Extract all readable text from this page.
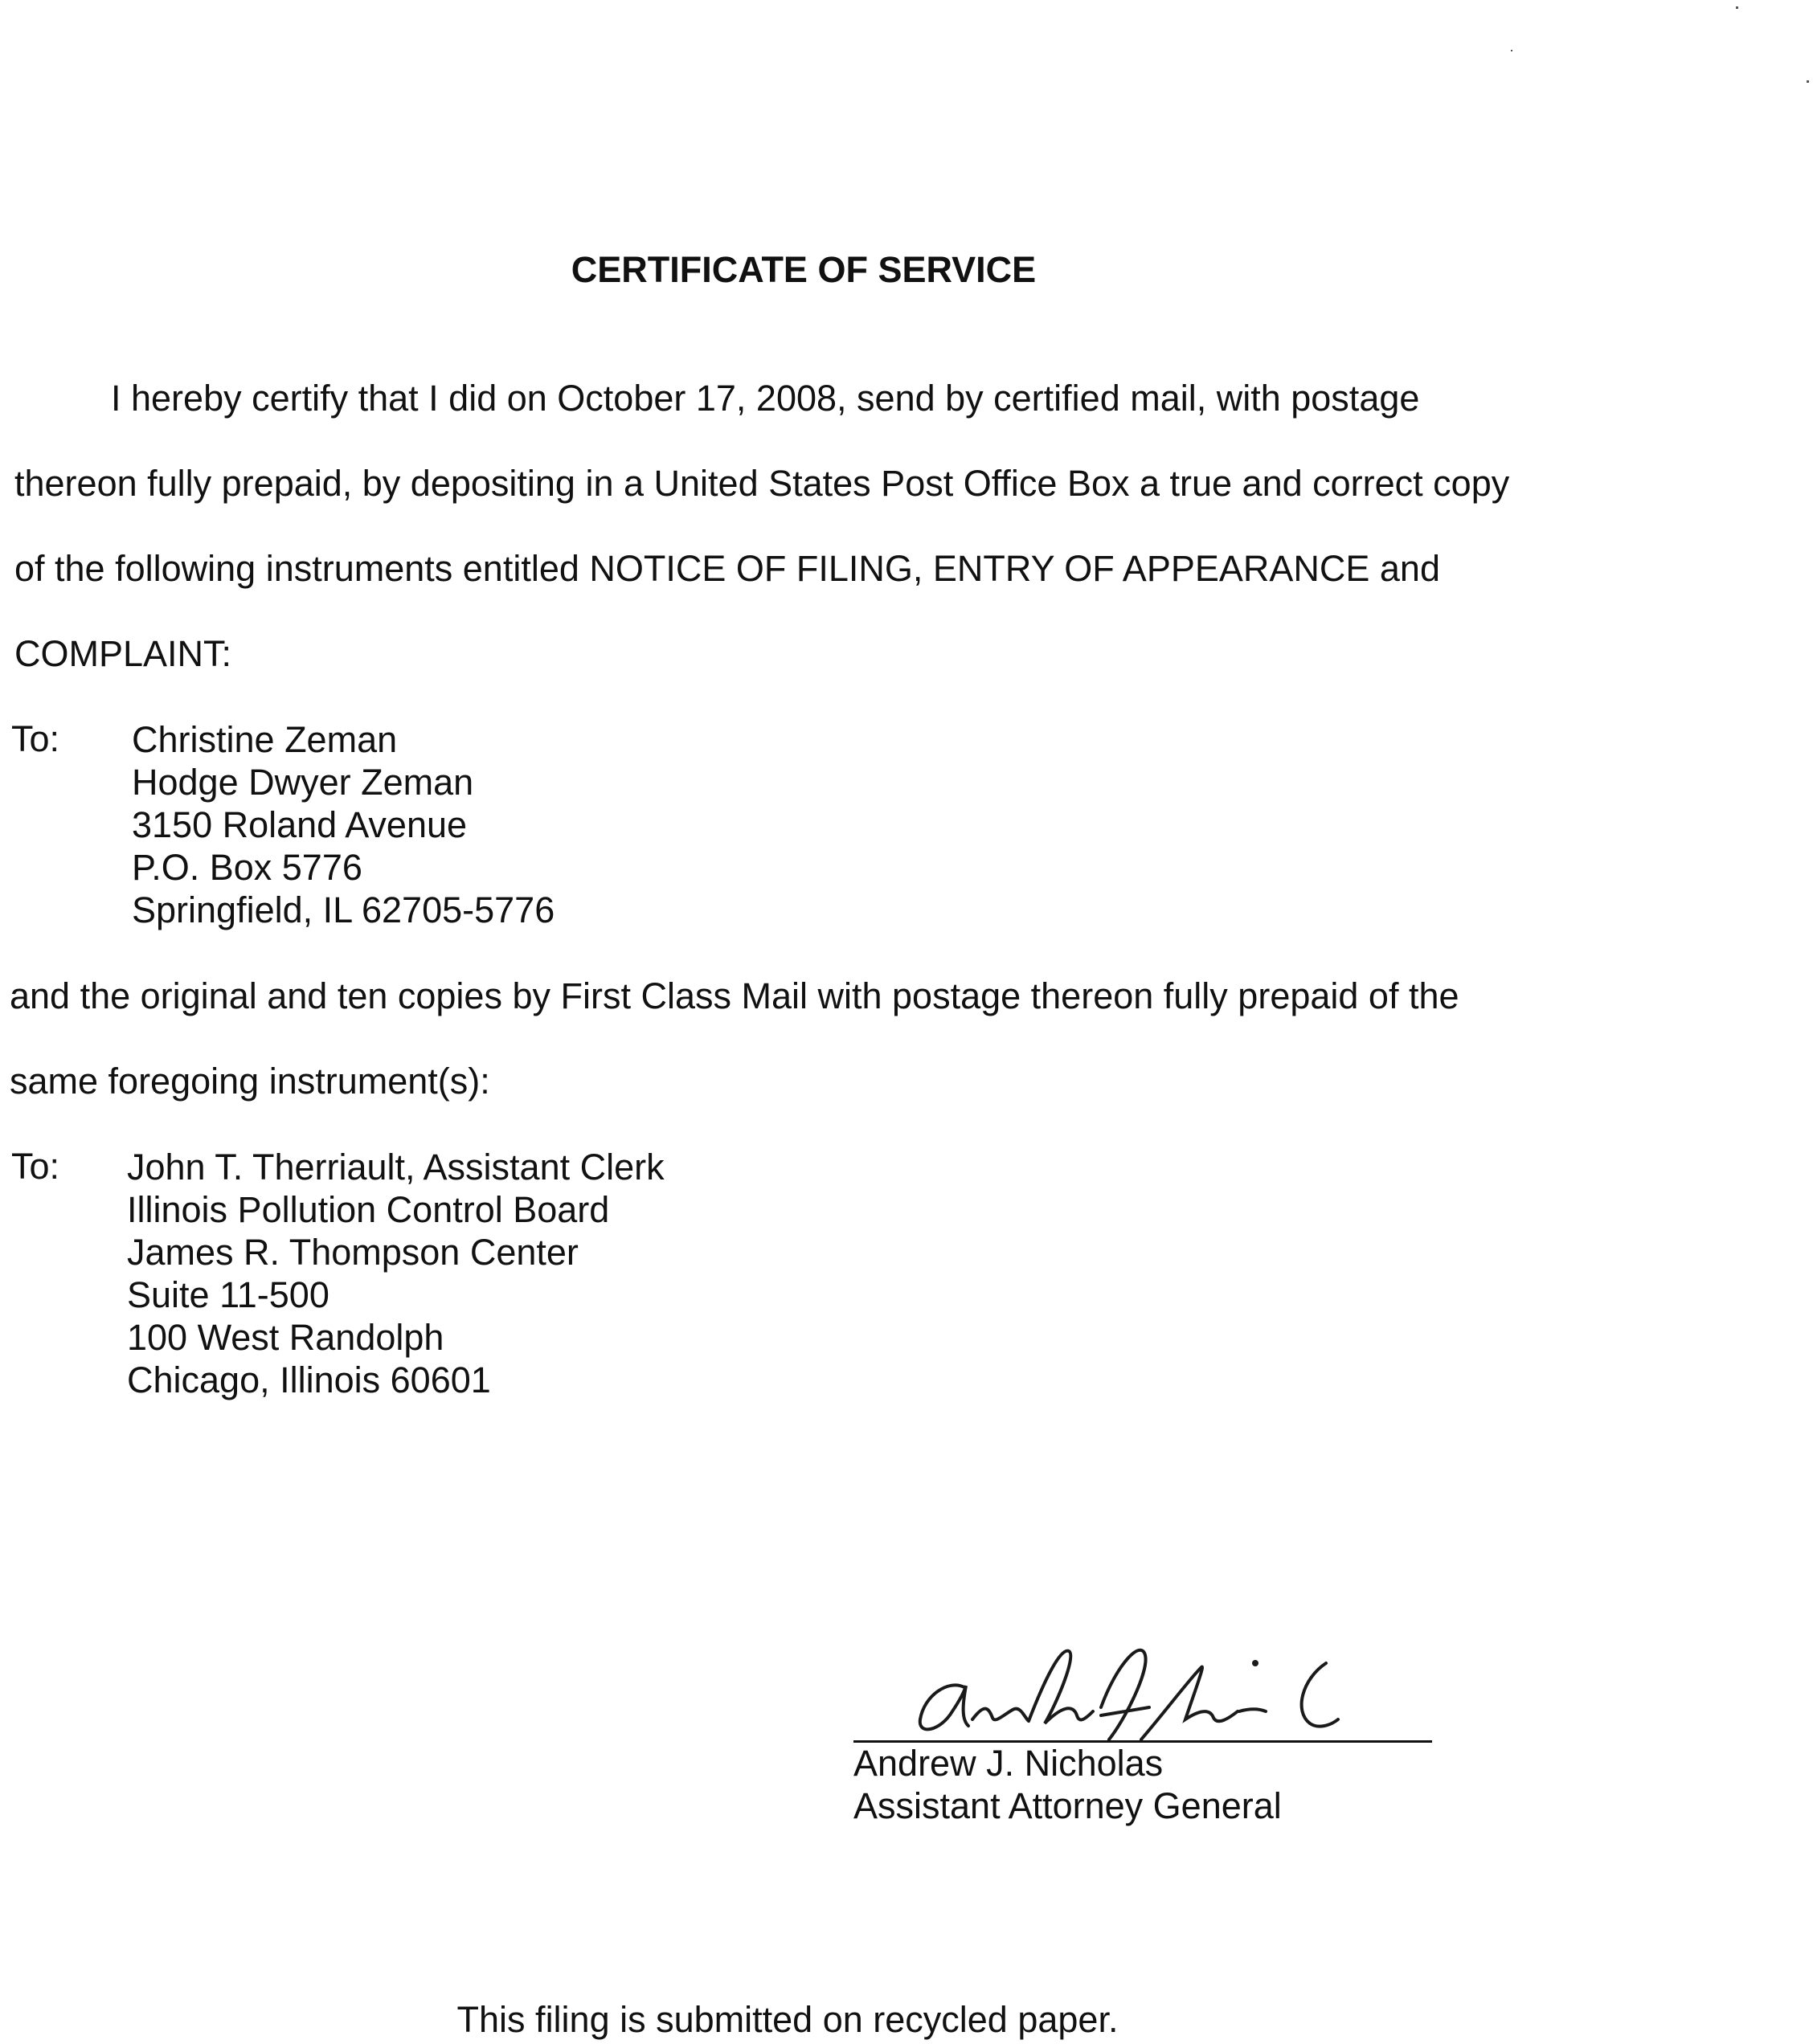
CERTIFICATE OF SERVICE
I hereby certify that I did on October 17, 2008, send by certified mail, with postage
thereon fully prepaid, by depositing in a United States Post Office Box a true and correct copy
of the following instruments entitled NOTICE OF FILING, ENTRY OF APPEARANCE and
COMPLAINT:
To: Christine Zeman
Hodge Dwyer Zeman
3150 Roland Avenue
P.O. Box 5776
Springfield, IL 62705-5776
and the original and ten copies by First Class Mail with postage thereon fully prepaid of the
same foregoing instrument(s):
To: John T. Therriault, Assistant Clerk
Illinois Pollution Control Board
James R. Thompson Center
Suite 11-500
100 West Randolph
Chicago, Illinois 60601
Andrew J. Nicholas
Assistant Attorney General
This filing is submitted on recycled paper.
